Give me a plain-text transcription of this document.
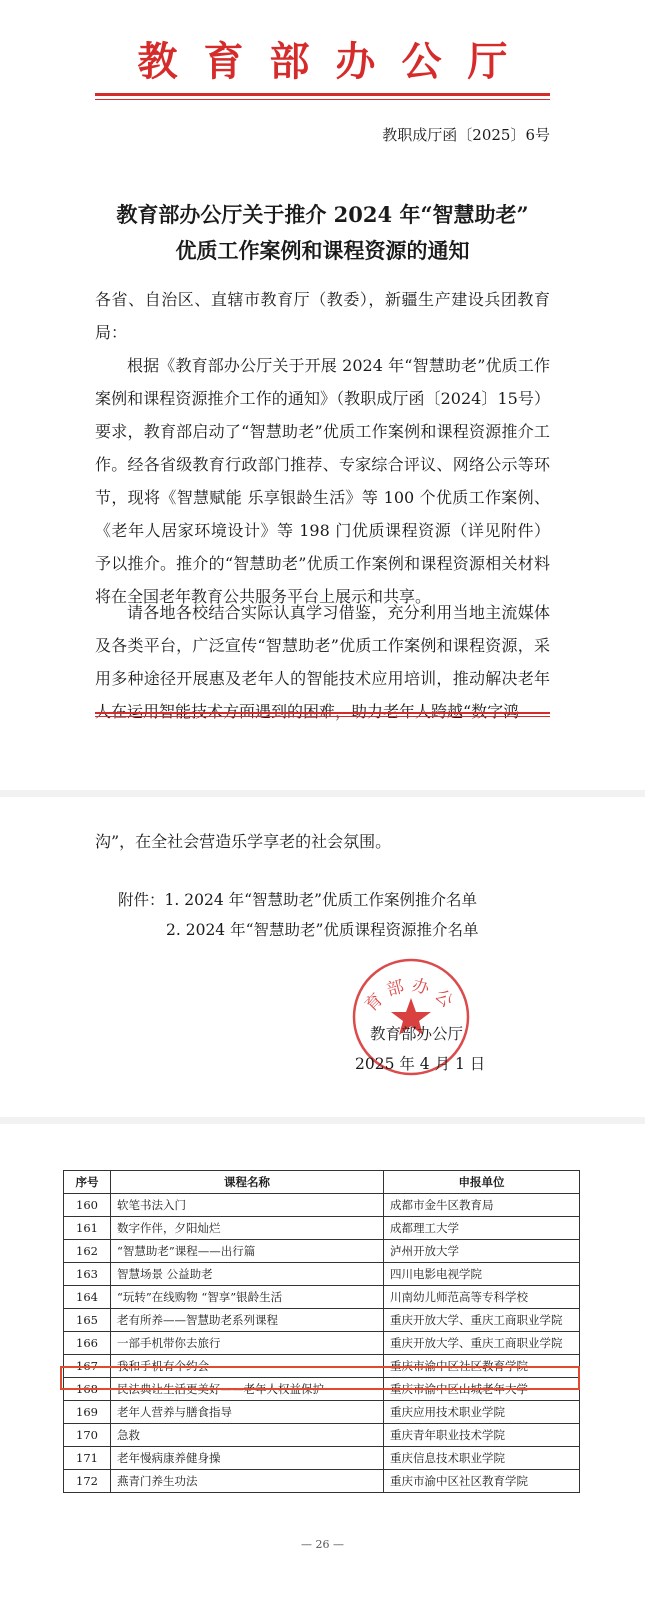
教育部办公厅
教职成厅函〔2025〕6号
教育部办公厅关于推介 2024 年“智慧助老”
优质工作案例和课程资源的通知
各省、自治区、直辖市教育厅（教委），新疆生产建设兵团教育局：
根据《教育部办公厅关于开展 2024 年“智慧助老”优质工作案例和课程资源推介工作的通知》（教职成厅函〔2024〕15号）要求，教育部启动了“智慧助老”优质工作案例和课程资源推介工作。经各省级教育行政部门推荐、专家综合评议、网络公示等环节，现将《智慧赋能 乐享银龄生活》等 100 个优质工作案例、《老年人居家环境设计》等 198 门优质课程资源（详见附件）予以推介。推介的“智慧助老”优质工作案例和课程资源相关材料将在全国老年教育公共服务平台上展示和共享。
请各地各校结合实际认真学习借鉴，充分利用当地主流媒体及各类平台，广泛宣传“智慧助老”优质工作案例和课程资源，采用多种途径开展惠及老年人的智能技术应用培训，推动解决老年
沟”，在全社会营造乐学享老的社会氛围。
附件：1. 2024 年“智慧助老”优质工作案例推介名单
2. 2024 年“智慧助老”优质课程资源推介名单
育部办公
教育部办公厅
2025 年 4 月 1 日
序号	课程名称	申报单位
160	软笔书法入门	成都市金牛区教育局
161	数字作伴，夕阳灿烂	成都理工大学
162	“智慧助老”课程——出行篇	泸州开放大学
163	智慧场景 公益助老	四川电影电视学院
164	“玩转”在线购物 “智享”银龄生活	川南幼儿师范高等专科学校
165	老有所养——智慧助老系列课程	重庆开放大学、重庆工商职业学院
166	一部手机带你去旅行	重庆开放大学、重庆工商职业学院
167	我和手机有个约会	重庆市渝中区社区教育学院
168	民法典让生活更美好——老年人权益保护	重庆市渝中区山城老年大学
169	老年人营养与膳食指导	重庆应用技术职业学院
170	急救	重庆青年职业技术学院
171	老年慢病康养健身操	重庆信息技术职业学院
172	燕青门养生功法	重庆市渝中区社区教育学院
— 26 —
